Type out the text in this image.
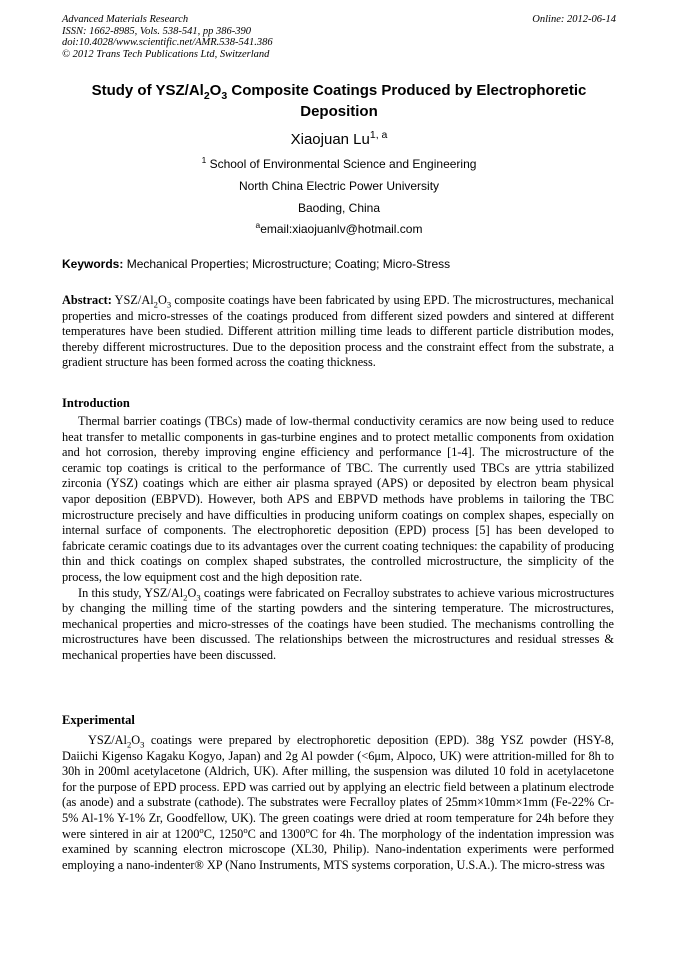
Advanced Materials Research
ISSN: 1662-8985, Vols. 538-541, pp 386-390
doi:10.4028/www.scientific.net/AMR.538-541.386
© 2012 Trans Tech Publications Ltd, Switzerland
Online: 2012-06-14
Study of YSZ/$Al_2O_3$ Composite Coatings Produced by Electrophoretic Deposition
Xiaojuan Lu$^{1, a}$
$^1$ School of Environmental Science and Engineering
North China Electric Power University
Baoding, China
$^a$email:xiaojuanlv@hotmail.com
Keywords: Mechanical Properties; Microstructure; Coating; Micro-Stress

Abstract: YSZ/$Al_2O_3$ composite coatings have been fabricated by using EPD. The microstructures, mechanical properties and micro-stresses of the coatings produced from different sized powders and sintered at different temperatures have been studied. Different attrition milling time leads to different particle distribution modes, thereby different microstructures. Due to the deposition process and the constraint effect from the substrate, a gradient structure has been formed across the coating thickness.

Introduction

Thermal barrier coatings (TBCs) made of low-thermal conductivity ceramics are now being used to reduce heat transfer to metallic components in gas-turbine engines and to protect metallic components from oxidation and hot corrosion, thereby improving engine efficiency and performance [1-4]. The microstructure of the ceramic top coatings is critical to the performance of TBC. The currently used TBCs are yttria stabilized zirconia (YSZ) coatings which are either air plasma sprayed (APS) or deposited by electron beam physical vapor deposition (EBPVD). However, both APS and EBPVD methods have problems in tailoring the TBC microstructure precisely and have difficulties in producing uniform coatings on complex shapes, especially on internal surface of components. The electrophoretic deposition (EPD) process [5] has been developed to fabricate ceramic coatings due to its advantages over the current coating techniques: the capability of producing thin and thick coatings on complex shaped substrates, the controlled microstructure, the simplicity of the process, the low equipment cost and the high deposition rate.

In this study, YSZ/$Al_2O_3$ coatings were fabricated on Fecralloy substrates to achieve various microstructures by changing the milling time of the starting powders and the sintering temperature. The microstructures, mechanical properties and micro-stresses of the coatings have been studied. The mechanisms controlling the microstructures have been discussed. The relationships between the microstructures and residual stresses & mechanical properties have been discussed.

Experimental

YSZ/$Al_2O_3$ coatings were prepared by electrophoretic deposition (EPD). 38g YSZ powder (HSY-8, Daiichi Kigenso Kagaku Kogyo, Japan) and 2g Al powder (<6μm, Alpoco, UK) were attrition-milled for 8h to 30h in 200ml acetylacetone (Aldrich, UK). After milling, the suspension was diluted 10 fold in acetylacetone for the purpose of EPD process. EPD was carried out by applying an electric field between a platinum electrode (as anode) and a substrate (cathode). The substrates were Fecralloy plates of 25mm×10mm×1mm (Fe-22% Cr-5% Al-1% Y-1% Zr, Goodfellow, UK). The green coatings were dried at room temperature for 24h before they were sintered in air at 1200$^o$C, 1250$^o$C and 1300$^o$C for 4h. The morphology of the indentation impression was examined by scanning electron microscope (XL30, Philip). Nano-indentation experiments were performed employing a nano-indenter® XP (Nano Instruments, MTS systems corporation, U.S.A.). The micro-stress was
